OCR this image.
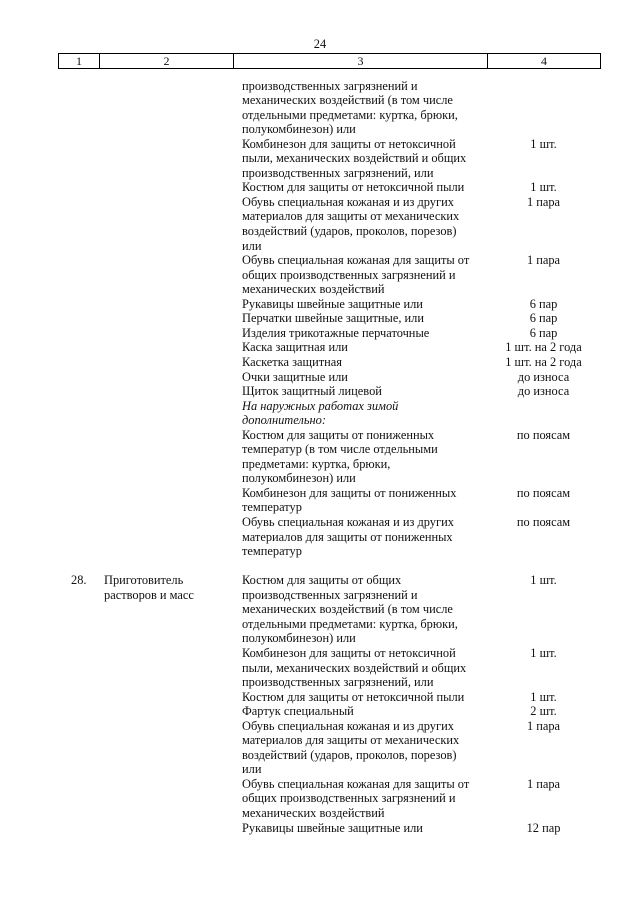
24
1	2	3	4
производственных загрязнений и
механических воздействий (в том числе
отдельными предметами: куртка, брюки,
полукомбинезон) или
Комбинезон для защиты от нетоксичной	1 шт.
пыли, механических воздействий и общих
производственных загрязнений, или
Костюм для защиты от нетоксичной пыли	1 шт.
Обувь специальная кожаная и из других	1 пара
материалов для защиты от механических
воздействий (ударов, проколов, порезов)
или
Обувь специальная кожаная для защиты от	1 пара
общих производственных загрязнений и
механических воздействий
Рукавицы швейные защитные или	6 пар
Перчатки швейные защитные, или	6 пар
Изделия трикотажные перчаточные	6 пар
Каска защитная или	1 шт. на 2 года
Каскетка защитная	1 шт. на 2 года
Очки защитные или	до износа
Щиток защитный лицевой	до износа
На наружных работах зимой
дополнительно:
Костюм для защиты от пониженных	по поясам
температур (в том числе отдельными
предметами: куртка, брюки,
полукомбинезон) или
Комбинезон для защиты от пониженных	по поясам
температур
Обувь специальная кожаная и из других	по поясам
материалов для защиты от пониженных
температур
28. Приготовитель	Костюм для защиты от общих	1 шт.
растворов и масс	производственных загрязнений и
механических воздействий (в том числе
отдельными предметами: куртка, брюки,
полукомбинезон) или
Комбинезон для защиты от нетоксичной	1 шт.
пыли, механических воздействий и общих
производственных загрязнений, или
Костюм для защиты от нетоксичной пыли	1 шт.
Фартук специальный	2 шт.
Обувь специальная кожаная и из других	1 пара
материалов для защиты от механических
воздействий (ударов, проколов, порезов)
или
Обувь специальная кожаная для защиты от	1 пара
общих производственных загрязнений и
механических воздействий
Рукавицы швейные защитные или	12 пар
